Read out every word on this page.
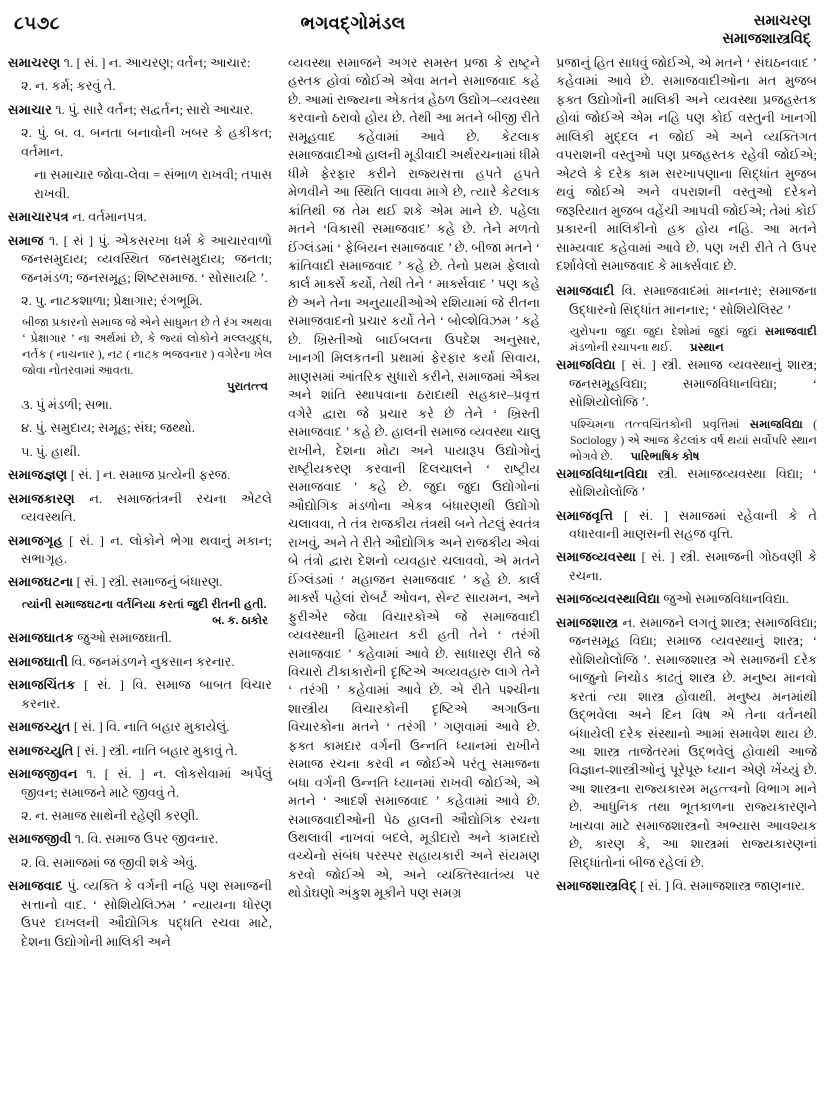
૮૫૭૮	ભગવદ્ગોમંડલ	સમાચરણ
સમાજશાસ્ત્રવિદ્
સમાચરણ ૧. [ સં. ] ન. આચરણ; વર્તન; આચાર:
૨. ન. કર્મ; કરવું તે.
સમાચાર ૧. પું. સારે વર્તન; સદ્વર્તન; સારો આચાર.
૨. પું. બ. વ. બનતા બનાવોની ખબર કે હકીકત; વર્તમાન.
ના સમાચાર જોવા-લેવા = સંભાળ રાખવી; તપાસ રાખવી.
સમાચારપત્ર ન. વર્તમાનપત્ર.
સમાજ ૧. [ સં ] પું. એકસરખા ધર્મ કે આચારવાળો જનસમુદાય; વ્યવસ્થિત જનસમુદાય; જનતા; જનમંડળ; જનસમૂહ; શિષ્ટસમાજ. ‘ સોસાયટિ ’.
૨. પુ. નાટકશાળા; પ્રેક્ષાગાર; રંગભૂમિ.
બીજા પ્રકારનો સમાજ જે એને સાધુમત છે તે રંગ અથવા ‘ પ્રેક્ષાગાર ’ ના અર્થમાં છે, કે જ્યાં લોકોને મલ્લયુદ્ધ, નર્તક ( નાચનાર ), નટ ( નાટક ભજવનાર ) વગેરેના ખેલ જોવા નોતરવામાં આવતા.
પુરાતત્ત્વ
૩. પું મંડળી; સભા.
૪. પું. સમુદાય; સમૂહ; સંઘ; જથ્થો.
૫. પું. હાથી.
સમાજજ્ઞણ [ સં. ] ન. સમાજ પ્રત્યેની ફરજ.
સમાજકારણ ન. સમાજતંત્રની રચના એટલે વ્યવસ્થતિ.
સમાજગૃહ [ સં. ] ન. લોકોને ભેગા થવાનું મકાન; સભાગૃહ.
સમાજઘટના [ સં. ] સ્ત્રી. સમાજનું બંધારણ.
ત્યાંની સમાજઘટના વર્તનિયા કરતાં જુદી રીતની હતી.
બ. ક. ઠાકોર
સમાજઘાતક જુઓ સમાજઘાતી.
સમાજઘાતી વિ. જનમંડળને નુકસાન કરનાર.
સમાજચિંતક [ સં. ] વિ. સમાજ બાબત વિચાર કરનાર.
સમાજચ્યુત [ સં. ] વિ. નાતિ બહાર મુકાયેલું.
સમાજચ્યુતિ [ સં. ] સ્ત્રી. નાતિ બહાર મુકાવું તે.
સમાજજીવન ૧. [ સં. ] ન. લોકસેવામાં અર્પેલું જીવન; સમાજને માટે જીવવું તે.
૨. ન. સમાજ સાથેની રહેણી કરણી.
સમાજજીવી ૧. વિ. સમાજ ઉપર જીવનાર.
૨. વિ. સમાજમાં જ જીવી શકે એવું.
સમાજવાદ પું. વ્યક્તિ કે વર્ગની નહિ પણ સમાજની સત્તાનો વાદ. ‘ સોશિયેલિઝમ ’ ન્યાયના ધોરણ ઉપર દાખલની ઔદ્યોગિક પદ્ધતિ રચવા માટે, દેશના ઉદ્યોગોની માલિકી અને
વ્યવસ્થા સમાજને અગર સમસ્ત પ્રજા કે રાષ્ટ્રને હસ્તક હોવાં જોઈએ એવા મતને સમાજવાદ કહે છે. આમાં રાજ્યના એકતંત્ર હેઠળ ઉદ્યોગ–વ્યવસ્થા કરવાનો ઠરાવો હોય છે. તેથી આ મતને બીજી રીતે સમૂહવાદ કહેવામાં આવે છે. કેટલાક સમાજવાદીઓ હાલની મૂડીવાદી અર્થરચનામાં ધીમે ધીમે ફેરફાર કરીને રાજ્યસત્તા હપતે હપતે મેળવીને આ સ્થિતિ લાવવા માગે છે, ત્યારે કેટલાક ક્રાંતિથી જ તેમ થઈ શકે એમ માને છે. પહેલા મતને ‘વિકાસી સમાજવાદ’ કહે છે. તેને મળતો ઈંગ્લંડમાં ‘ ફેબિયન સમાજવાદ ’ છે. બીજા મતને ‘ ક્રાંતિવાદી સમાજવાદ ’ કહે છે. તેનો પ્રથમ ફેલાવો કાર્લ માર્ક્સે કર્યો, તેથી તેને ‘ માર્ક્સવાદ ’ પણ કહે છે અને તેના અનુયાયીઓએ રશિયામાં જે રીતના સમાજવાદનો પ્રચાર કર્યો તેને ‘ બોલ્શેવિઝમ ’ કહે છે. ખ્રિસ્તીઓ બાઈબલના ઉપદેશ અનુસાર, ખાનગી મિલકતની પ્રથામાં ફેરફાર કર્યા સિવાય, માણસમાં આંતરિક સુધારો કરીને, સમાજમાં ઐક્ય અને શાંતિ સ્થાપવાના ઠરાદાથી સહકાર–પ્રવૃત્ત વગેરે દ્વારા જે પ્રચાર કરે છે તેને ‘ ખ્રિસ્તી સમાજવાદ ’ કહે છે. હાલની સમાજ વ્યવસ્થા ચાલુ રાખીને, દેશના મોટા અને પાયારૂપ ઉદ્યોગોનું રાષ્ટ્રીયકરણ કરવાની દિલચાલને ‘ રાષ્ટ્રીય સમાજવાદ ’ કહે છે. જુદા જુદા ઉદ્યોગોનાં ઔદ્યોગિક મંડળોના એકત્ર બંધારણથી ઉદ્યોગો ચલાવવા, તે તંત્ર રાજકીય તંત્રથી બને તેટલું સ્વતંત્ર રાખવું, અને તે રીતે ઔદ્યોગિક અને રાજકીય એવાં બે તંત્રો દ્વારા દેશનો વ્યવહાર ચલાવવો, એ મતને ઈંગ્લંડમાં ‘ મહાજન સમાજવાદ ’ કહે છે. કાર્લ માર્ક્સ પહેલાં રોબર્ટ ઓવન, સેન્ટ સાયમન, અને ફુરીએર જેવા વિચારકોએ જે સમાજવાદી વ્યવસ્થાની હિમાયત કરી હતી તેને ‘ તરંગી સમાજવાદ ’ કહેવામાં આવે છે. સાધારણ રીતે જે વિચારો ટીકાકારોની દૃષ્ટિએ અવ્યવહારુ લાગે તેને ‘ તરંગી ’ કહેવામાં આવે છે. એ રીતે પશ્ચીના શાસ્ત્રીય વિચારકોની દૃષ્ટિએ અગાઉના વિચારકોના મતને ‘ તરંગી ’ ગણવામાં આવે છે. ફક્ત કામદાર વર્ગની ઉન્નતિ ધ્યાનમાં રાખીને સમાજ રચના કરવી ન જોઈએ પરંતુ સમાજના બધા વર્ગની ઉન્નતિ ધ્યાનમાં રાખવી જોઈએ, એ મતને ‘ આદર્શ સમાજવાદ ’ કહેવામાં આવે છે. સમાજવાદીઓની પેઠ હાલની ઔદ્યોગિક રચના ઉથલાવી નાખવાં બદલે, મૂડીદારો અને કામદારો વચ્ચેનો સંબંધ પરસ્પર સહાયકારી અને સંયમણ કરવો જોઈએ એ, અને વ્યક્તિસ્વાતંત્ર્ય પર થોડોઘણો અંકુશ મૂકીને પણ સમગ્ર
પ્રજાનું હિત સાધવું જોઈએ, એ મતને ‘ સંઘઠનવાદ ’ કહેવામાં આવે છે. સમાજવાદીઓના મત મુજબ ફક્ત ઉદ્યોગોની માલિકી અને વ્યવસ્થા પ્રજહસ્તક હોવાં જોઈએ એમ નહિ પણ કોઈ વસ્તુની ખાનગી માલિકી મુદ્દલ ન જોઈ એ અને વ્યક્તિગત વપરાશની વસ્તુઓ પણ પ્રજહસ્તક રહેવી જોઈએ; એટલે કે દરેક કામ સરખાપણાના સિદ્ધાંત મુજબ થવું જોઈએ અને વપરાશની વસ્તુઓ દરેકને જરૂરિયાત મુજબ વહેંચી આપવી જોઈએ; તેમાં કોઈ પ્રકારની માલિકીનો હક હોય નહિ. આ મતને સામ્યવાદ કહેવામાં આવે છે. પણ ખરી રીતે તે ઉપર દર્શાવેલો સમાજવાદ કે માર્ક્સવાદ છે.
સમાજવાદી વિ. સમાજવાદમાં માનનાર; સમાજના ઉદ્ધારનો સિદ્ધાંત માનનાર; ‘ સોશિયેલિસ્ટ ’
યુરોપના જુદા જુદા દેશોમાં જુદાં જુદાં સમાજવાદી મંડળોની રચાપના થઈ. પ્રસ્થાન
સમાજવિદ્યા [ સં. ] સ્ત્રી. સમાજ વ્યવસ્થાનું શાસ્ત્ર; જનસમૂહવિદ્યા; સમાજવિધાનવિદ્યા; ‘ સોશિયોલોજિ ’.
પશ્ચિમના તત્ત્વચિંતકોની પ્રવૃત્તિમાં સમાજવિદ્યા ( Sociology ) એ આજ કેટલાંક વર્ષ થયાં સર્વોપરિ સ્થાન ભોગવે છે. પારિભાષિક કોષ
સમાજવિધાનવિદ્યા સ્ત્રી. સમાજવ્યવસ્થા વિદ્યા; ‘ સોશિયોલોજિ ’
સમાજવૃત્તિ [ સં. ] સમાજમાં રહેવાની કે તે વધારવાની માણસની સહજ વૃત્તિ.
સમાજવ્યવસ્થા [ સં. ] સ્ત્રી. સમાજની ગોઠવણી કે રચના.
સમાજવ્યવસ્થાવિદ્યા જુઓ સમાજવિધાનવિદ્યા.
સમાજશાસ્ત્ર ન. સમાજને લગતું શાસ્ત્ર; સમાજવિદ્યા; જનસમૂહ વિદ્યા; સમાજ વ્યવસ્થાનું શાસ્ત્ર; ‘ સોશિયોલોજિ ’. સમાજશાસ્ત્ર એ સમાજની દરેક બાજુનો નિચોડ કાઢતું શાસ્ત્ર છે. મનુષ્ય માનવો કરતાં ત્યા શાસ્ત્ર હોવાથી. મનુષ્ય મનમાંથી ઉદ્ભવેલા અને દિન વિષ એ તેના વર્તનથી બંધાયેલી દરેક સંસ્થાનો આમાં સમાવેશ થાય છે. આ શાસ્ત્ર તાજેતરમાં ઉદ્ભવેલું હોવાથી આજે વિજ્ઞાન-શાસ્ત્રીઓનું પૂરેપૂરુ ધ્યાન એણે ખેંચ્યું છે. આ શાસ્ત્રના રાજ્યકારમ મહત્ત્વનો વિભાગ માને છે. આધુનિક તથા ભૂતકાળના રાજ્યકારણને ખાચવા માટે સમાજશાસ્ત્રનો અભ્યાસ આવશ્યક છે, કારણ કે, આ શાસ્ત્રમાં રાજ્યકારણનાં સિદ્ધાંતોનાં બીજ રહેલાં છે.
સમાજશાસ્ત્રવિદ્ [ સં. ] વિ. સમાજશાસ્ત્ર જાણનાર.
